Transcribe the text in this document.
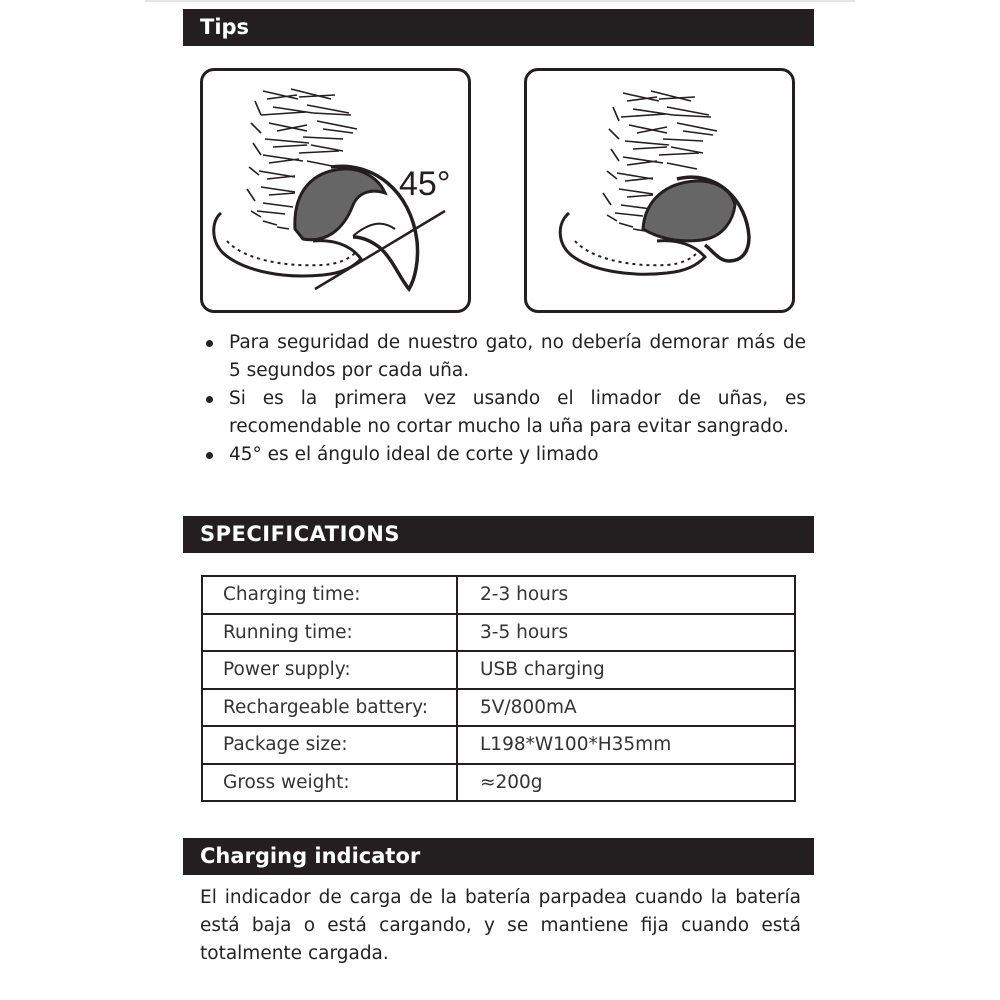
Tips
45°
Para seguridad de nuestro gato, no debería demorar más de 5 segundos por cada uña.
Si es la primera vez usando el limador de uñas, es recomendable no cortar mucho la uña para evitar sangrado.
45° es el ángulo ideal de corte y limado
SPECIFICATIONS
Charging time:	2-3 hours
Running time:	3-5 hours
Power supply:	USB charging
Rechargeable battery:	5V/800mA
Package size:	L198*W100*H35mm
Gross weight:	≈200g
Charging indicator

El indicador de carga de la batería parpadea cuando la batería está baja o está cargando, y se mantiene fija cuando está totalmente cargada.
